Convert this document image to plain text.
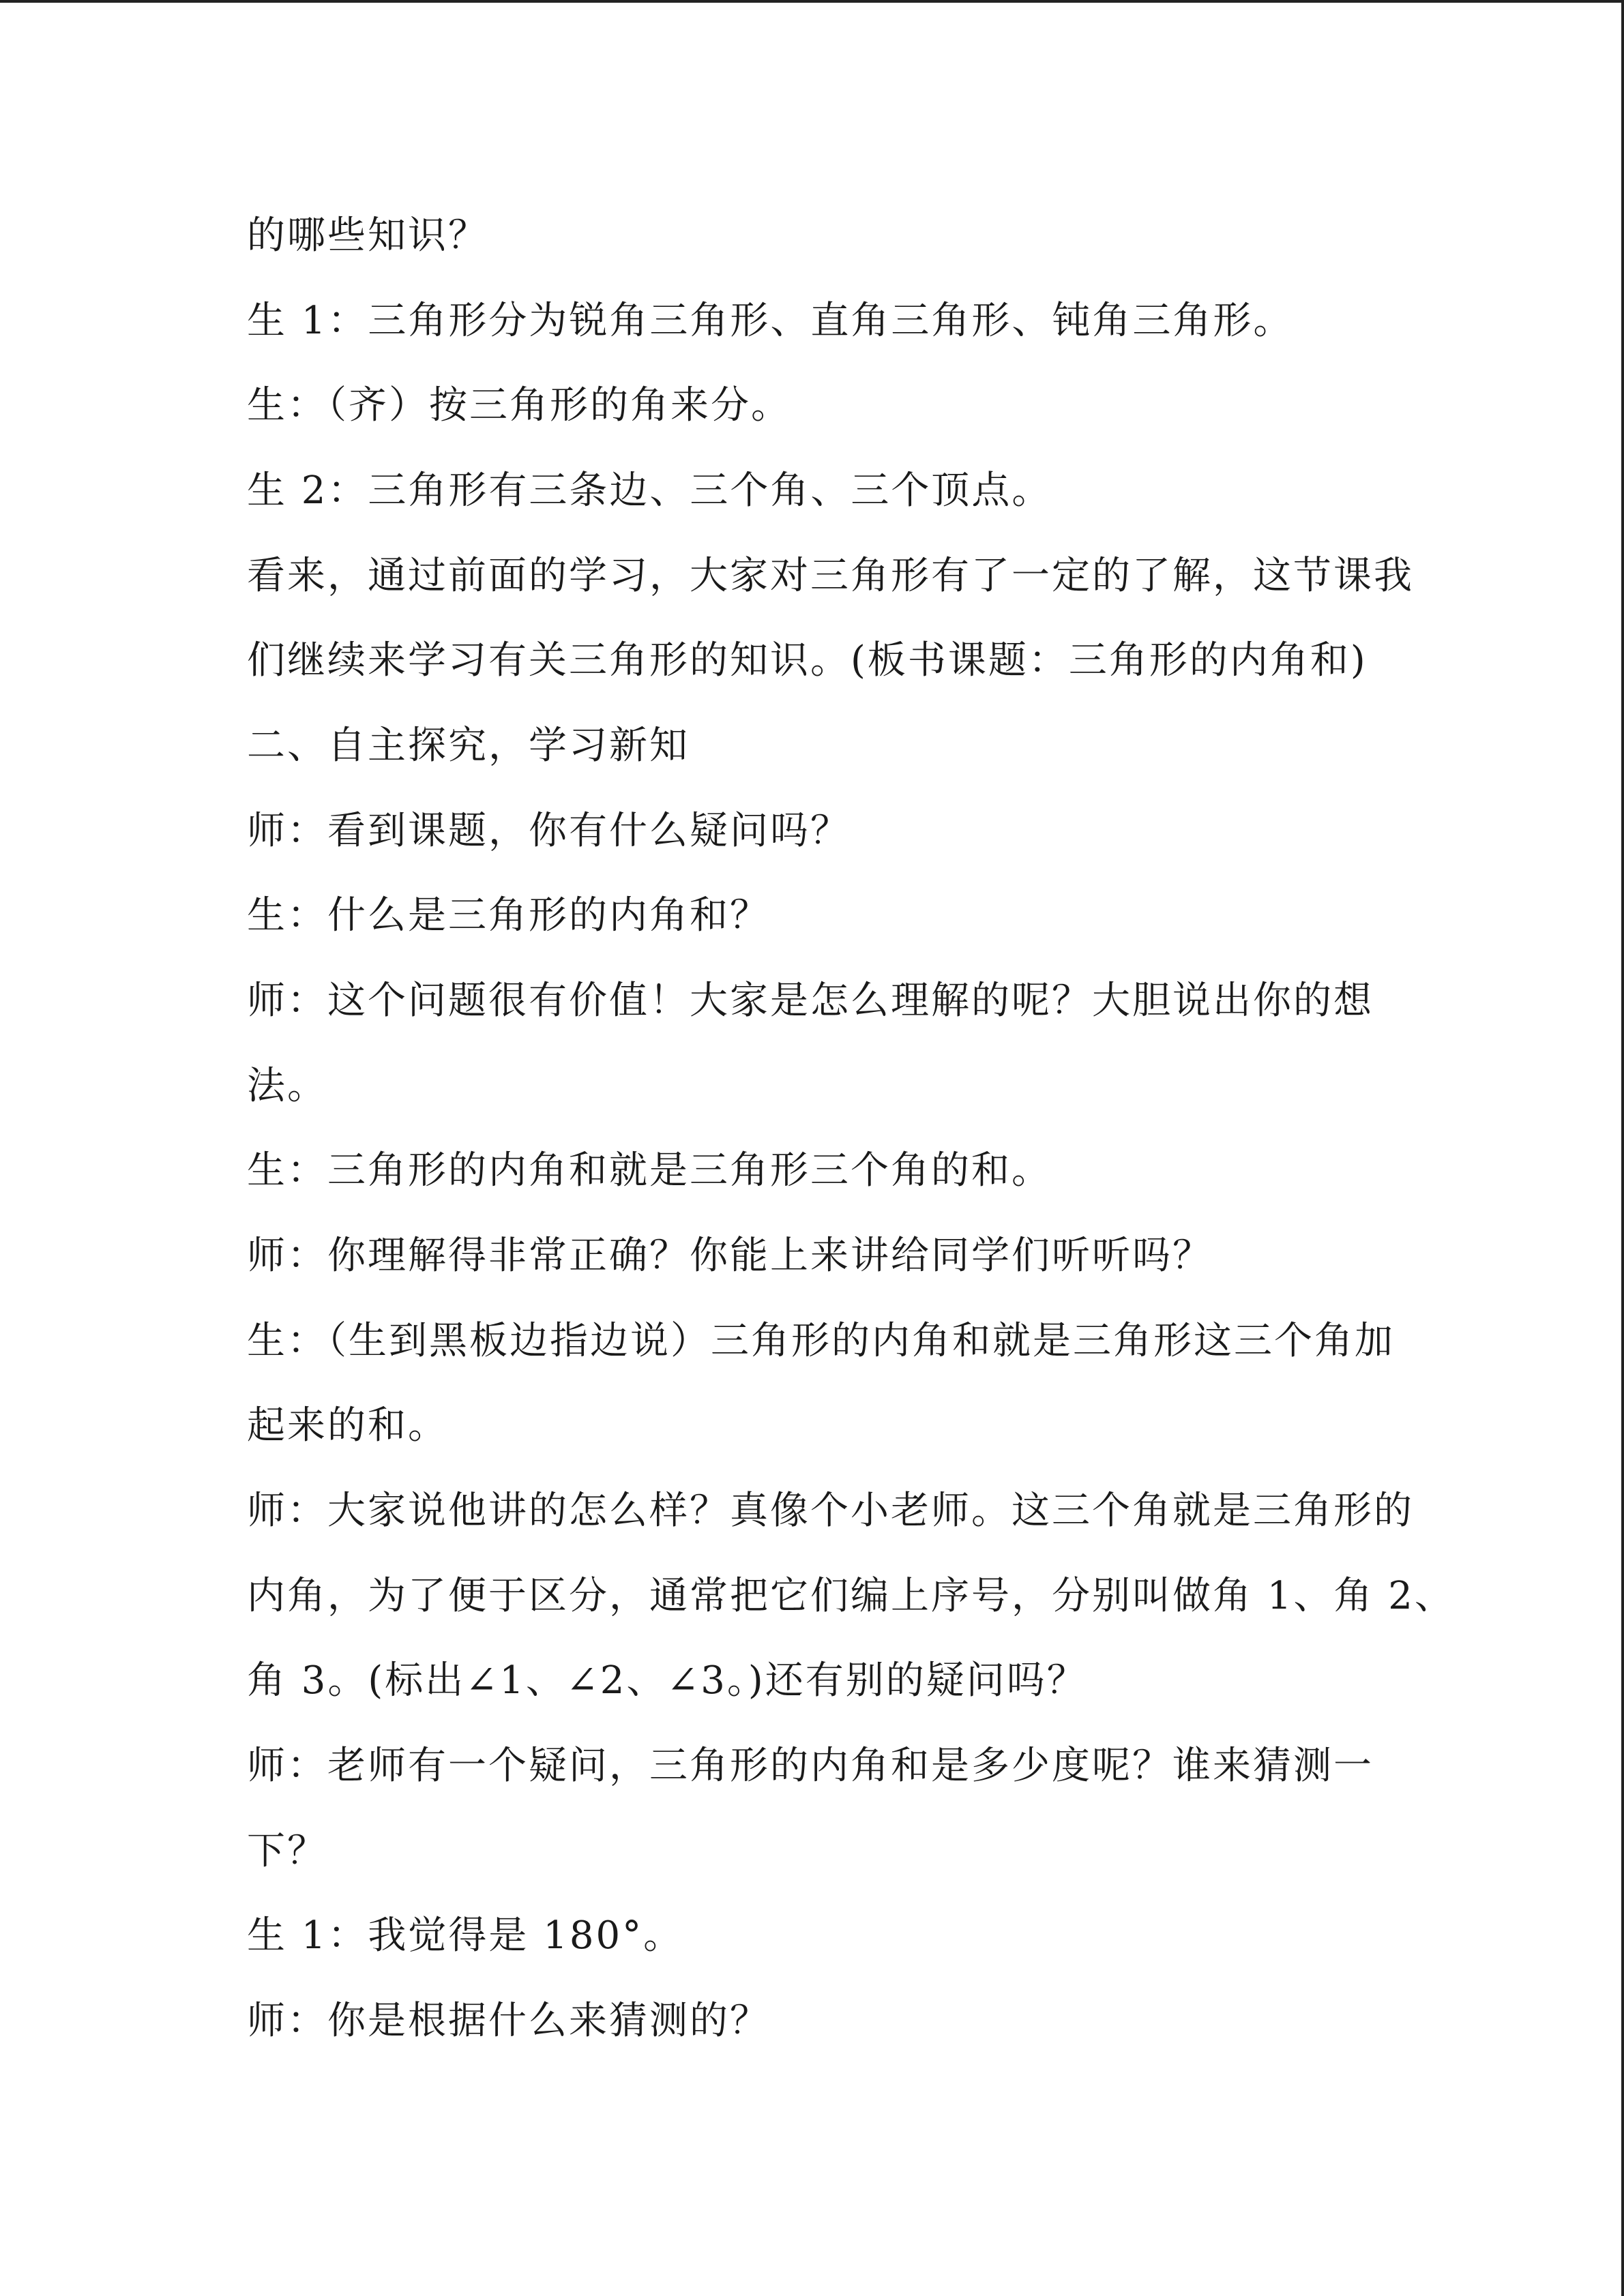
的哪些知识？
生 1：三角形分为锐角三角形、直角三角形、钝角三角形。
生：（齐）按三角形的角来分。
生 2：三角形有三条边、三个角、三个顶点。
看来，通过前面的学习，大家对三角形有了一定的了解，这节课我
们继续来学习有关三角形的知识。(板书课题：三角形的内角和)
二、自主探究，学习新知
师：看到课题，你有什么疑问吗？
生：什么是三角形的内角和？
师：这个问题很有价值！大家是怎么理解的呢？大胆说出你的想
法。
生：三角形的内角和就是三角形三个角的和。
师：你理解得非常正确？你能上来讲给同学们听听吗？
生：（生到黑板边指边说）三角形的内角和就是三角形这三个角加
起来的和。
师：大家说他讲的怎么样？真像个小老师。这三个角就是三角形的
内角，为了便于区分，通常把它们编上序号，分别叫做角 1、角 2、
角 3。(标出∠1、∠2、∠3。)还有别的疑问吗？
师：老师有一个疑问，三角形的内角和是多少度呢？谁来猜测一
下？
生 1：我觉得是 180°。
师：你是根据什么来猜测的？
